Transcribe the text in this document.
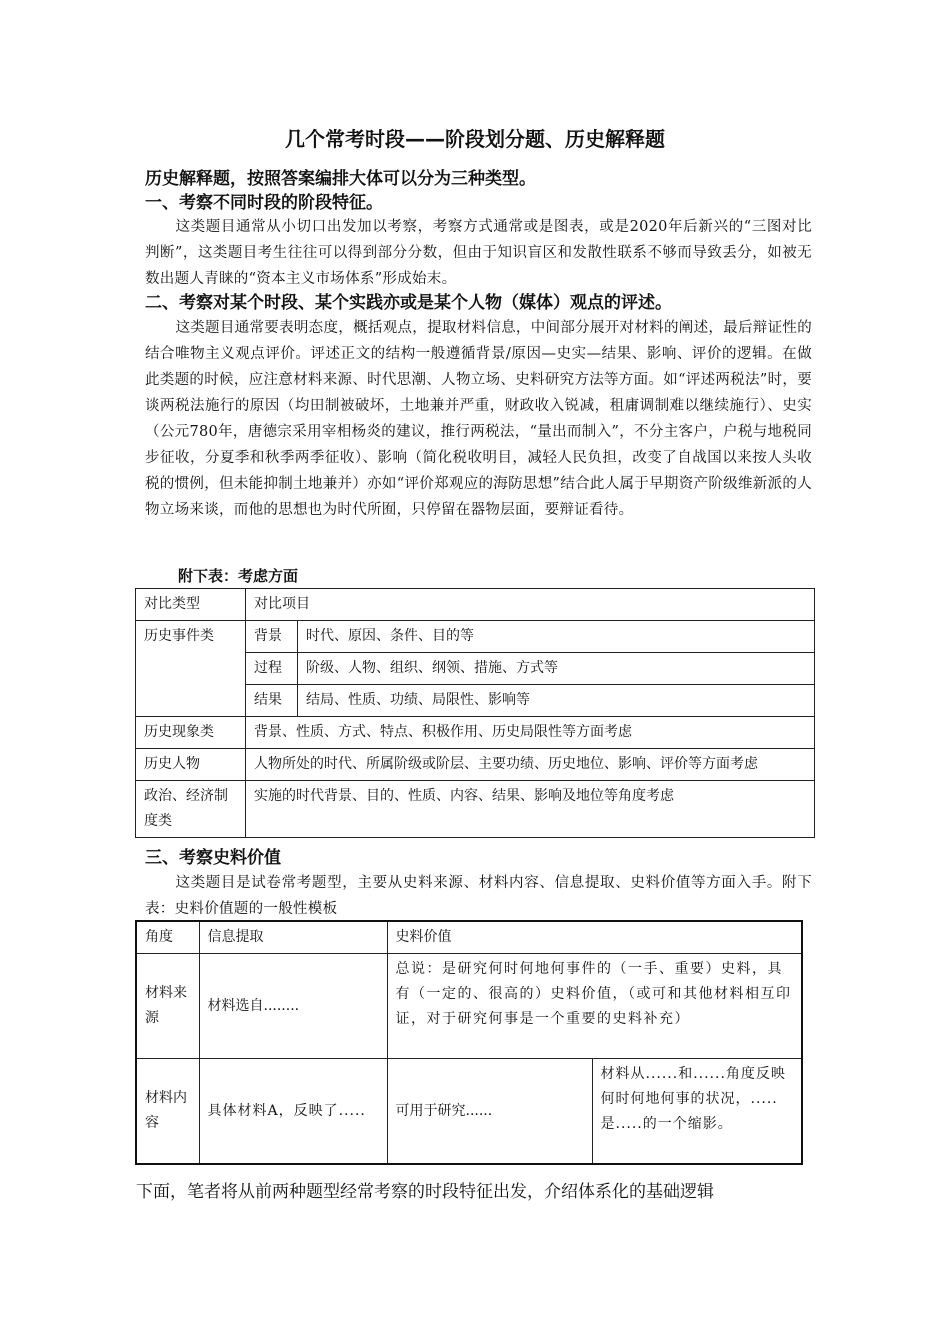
几个常考时段——阶段划分题、历史解释题
历史解释题，按照答案编排大体可以分为三种类型。
一、考察不同时段的阶段特征。
这类题目通常从小切口出发加以考察，考察方式通常或是图表，或是2020年后新兴的“三图对比判断”，这类题目考生往往可以得到部分分数，但由于知识盲区和发散性联系不够而导致丢分，如被无数出题人青睐的“资本主义市场体系”形成始末。
二、考察对某个时段、某个实践亦或是某个人物（媒体）观点的评述。
这类题目通常要表明态度，概括观点，提取材料信息，中间部分展开对材料的阐述，最后辩证性的结合唯物主义观点评价。评述正文的结构一般遵循背景/原因—史实—结果、影响、评价的逻辑。在做此类题的时候，应注意材料来源、时代思潮、人物立场、史料研究方法等方面。如“评述两税法”时，要谈两税法施行的原因（均田制被破坏，土地兼并严重，财政收入锐减，租庸调制难以继续施行）、史实（公元780年，唐德宗采用宰相杨炎的建议，推行两税法，“量出而制入”，不分主客户，户税与地税同步征收，分夏季和秋季两季征收）、影响（简化税收明目，减轻人民负担，改变了自战国以来按人头收税的惯例，但未能抑制土地兼并）亦如“评价郑观应的海防思想”结合此人属于早期资产阶级维新派的人物立场来谈，而他的思想也为时代所囿，只停留在器物层面，要辩证看待。
附下表：考虑方面
对比类型	对比项目	
历史事件类	背景	时代、原因、条件、目的等
	过程	阶级、人物、组织、纲领、措施、方式等
	结果	结局、性质、功绩、局限性、影响等
历史现象类	背景、性质、方式、特点、积极作用、历史局限性等方面考虑	
历史人物	人物所处的时代、所属阶级或阶层、主要功绩、历史地位、影响、评价等方面考虑	
政治、经济制度类	实施的时代背景、目的、性质、内容、结果、影响及地位等角度考虑	
三、考察史料价值
这类题目是试卷常考题型，主要从史料来源、材料内容、信息提取、史料价值等方面入手。附下表：史料价值题的一般性模板
角度	信息提取	史料价值	
材料来源	材料选自........	总说：是研究何时何地何事件的（一手、重要）史料，具有（一定的、很高的）史料价值，（或可和其他材料相互印证，对于研究何事是一个重要的史料补充）	
材料内容	具体材料A，反映了.....	可用于研究......	材料从......和......角度反映何时何地何事的状况，.....是.....的一个缩影。
下面，笔者将从前两种题型经常考察的时段特征出发，介绍体系化的基础逻辑
